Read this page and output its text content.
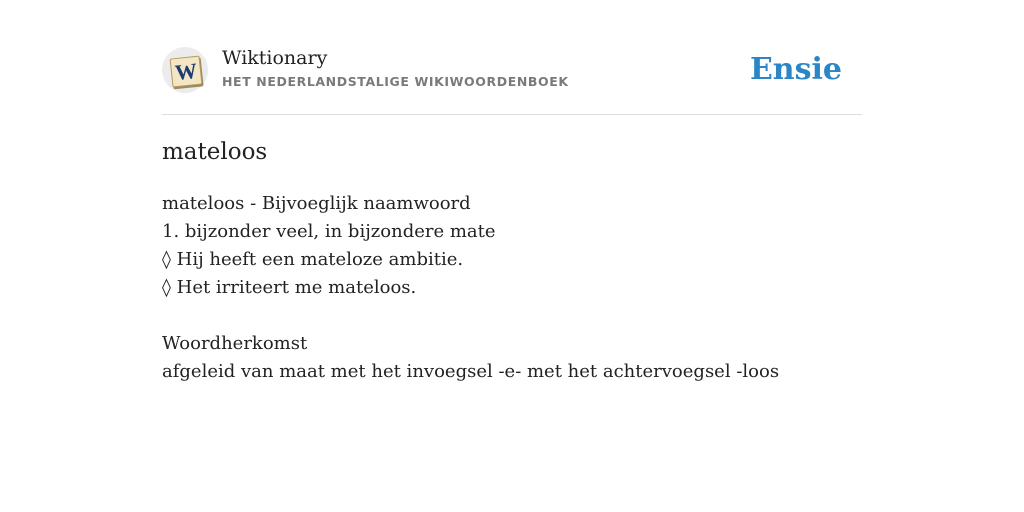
W Wiktionary
HET NEDERLANDSTALIGE WIKIWOORDENBOEK	Ensie
mateloos
mateloos - Bijvoeglijk naamwoord
1. bijzonder veel, in bijzondere mate
◊ Hij heeft een mateloze ambitie.
◊ Het irriteert me mateloos.
Woordherkomst
afgeleid van maat met het invoegsel -e- met het achtervoegsel -loos
